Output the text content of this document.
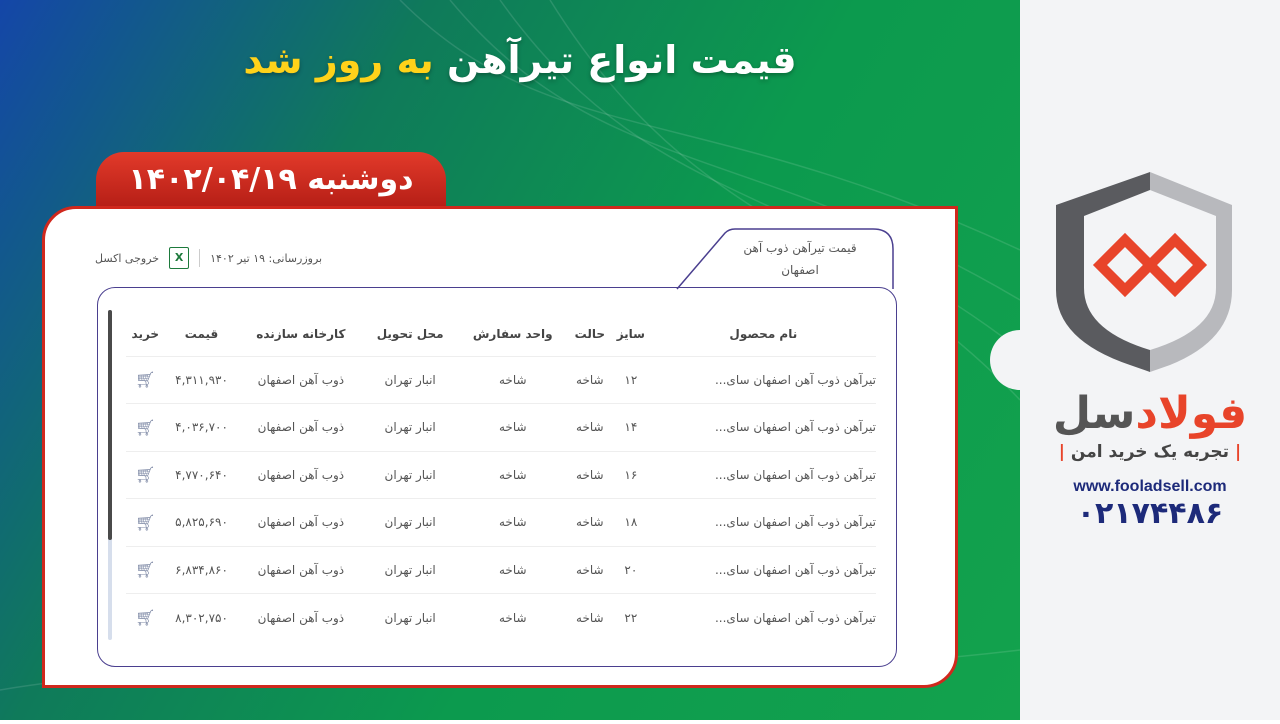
قیمت انواع تیرآهن به روز شد
دوشنبه ۱۴۰۲/۰۴/۱۹
قیمت تیرآهن ذوب آهن اصفهان
بروزرسانی: ۱۹ تیر ۱۴۰۲
X
خروجی اکسل
نام محصول	سایز	حالت	واحد سفارش	محل تحویل	کارخانه سازنده	قیمت	خرید
تیرآهن ذوب آهن اصفهان سای...	۱۲	شاخه	شاخه	انبار تهران	ذوب آهن اصفهان	۴,۳۱۱,۹۳۰	🛒︎
تیرآهن ذوب آهن اصفهان سای...	۱۴	شاخه	شاخه	انبار تهران	ذوب آهن اصفهان	۴,۰۳۶,۷۰۰	🛒︎
تیرآهن ذوب آهن اصفهان سای...	۱۶	شاخه	شاخه	انبار تهران	ذوب آهن اصفهان	۴,۷۷۰,۶۴۰	🛒︎
تیرآهن ذوب آهن اصفهان سای...	۱۸	شاخه	شاخه	انبار تهران	ذوب آهن اصفهان	۵,۸۲۵,۶۹۰	🛒︎
تیرآهن ذوب آهن اصفهان سای...	۲۰	شاخه	شاخه	انبار تهران	ذوب آهن اصفهان	۶,۸۳۴,۸۶۰	🛒︎
تیرآهن ذوب آهن اصفهان سای...	۲۲	شاخه	شاخه	انبار تهران	ذوب آهن اصفهان	۸,۳۰۲,۷۵۰	🛒︎
فولادسل
| تجربه یک خرید امن |
www.fooladsell.com
۰۲۱۷۴۴۸۶
